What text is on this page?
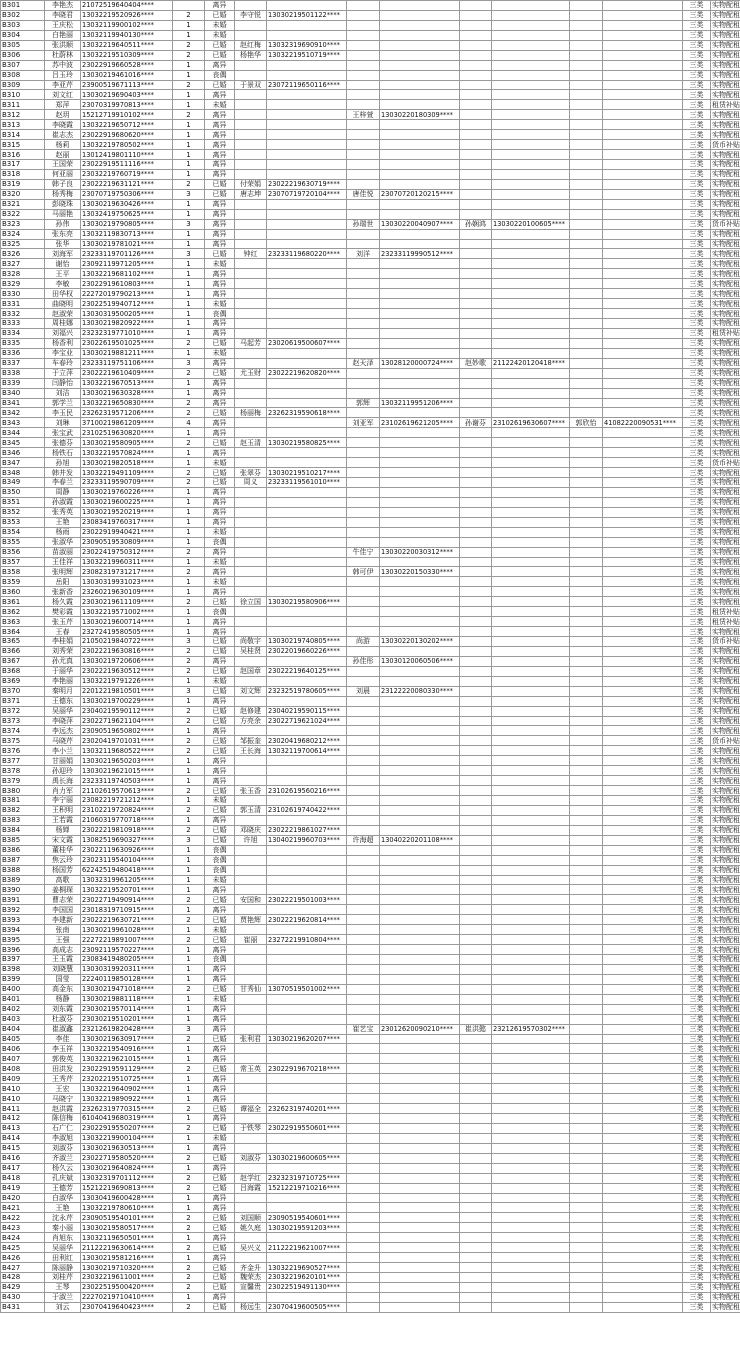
B301	李艳杰	21072519640404****		离异									三类	实物配租
B302	李晓君	13032219520926****	2	已婚	李守悦	13030219501122****							三类	实物配租
B303	王庆松	13032119900102****	1	未婚									三类	实物配租
B304	白艳丽	13032119940130****	1	未婚									三类	实物配租
B305	张洪顺	13032219640511****	2	已婚	赵红梅	13032319690910****							三类	实物配租
B306	杜蔚林	13032219510309****	2	已婚	杨艳华	13032219510719****							三类	实物配租
B307	苏中波	23022919660528****	1	离异									三类	实物配租
B308	吕玉玲	13030219461016****	1	丧偶									三类	实物配租
B309	李亚芹	23900519671113****	2	已婚	于景双	23072119650116****							三类	实物配租
B310	刘文红	13030219690403****	1	离异									三类	实物配租
B311	郑萍	23070319970813****	1	未婚									三类	租赁补贴
B312	赵玥	15212719910102****	2	离异			王梓萱	13030220180309****					三类	实物配租
B313	李晓霞	13032219650712****	1	离异									三类	实物配租
B314	崔志杰	23022919680620****	1	离异									三类	实物配租
B315	杨莉	13032219780502****	1	离异									三类	货币补贴
B316	赵丽	13012419801110****	1	离异									三类	实物配租
B317	王国荣	23022919511116****	1	离异									三类	实物配租
B318	何亚丽	23032219760719****	1	离异									三类	实物配租
B319	韩子良	23022219631121****	2	已婚	付荣娟	23022219630719****							三类	实物配租
B320	杨秀梅	23070719750306****	3	已婚	唐志坤	23070719720104****	唐佳悦	23070720120215****					三类	实物配租
B321	彭晓珠	13030219630426****	1	离异									三类	实物配租
B322	马丽艳	13032419750625****	1	离异									三类	实物配租
B323	孙伟	13030219790805****	3	离异			孙瑞世	13030220040907****	孙娴鸿	13030220100605****			三类	货币补贴
B324	张东亮	13032119830713****	1	离异									三类	实物配租
B325	张华	13030219781021****	1	离异									三类	实物配租
B326	刘海军	23233119701126****	3	已婚	钟红	23233119680220****	刘洋	23233119990512****					三类	实物配租
B327	谢怡	23092119971205****	1	未婚									三类	实物配租
B328	王平	13032219681102****	1	离异									三类	实物配租
B329	李敏	23022919610803****	1	离异									三类	实物配租
B330	田华权	22272019790213****	1	离异									三类	实物配租
B331	曲晓明	23022519940712****	1	未婚									三类	实物配租
B332	赵淑荣	13030319500205****	1	丧偶									三类	实物配租
B333	周桂娜	13030219820922****	1	离异									三类	实物配租
B334	刘福兴	23232319771010****	1	离异									三类	租赁补贴
B335	杨香利	23022619501025****	2	已婚	马起芳	23020619500607****							三类	实物配租
B336	李宝业	13030219881211****	1	未婚									三类	实物配租
B337	车春玲	23233119751106****	3	离异			赵天泽	13028120000724****	赵妙歌	21122420120418****			三类	实物配租
B338	于立萍	23022219610409****	2	已婚	尤玉财	23022219620820****							三类	实物配租
B339	闫静怡	13032219670513****	1	离异									三类	实物配租
B340	刘洁	13030219630328****	1	离异									三类	实物配租
B341	郭学兰	13032219650830****	2	离异			郭辉	13032119951206****					三类	实物配租
B342	李玉民	23262319571206****	2	已婚	杨丽梅	23262319590618****							三类	实物配租
B343	刘琳	37100219861209****	4	离异			刘亚军	23102619621205****	孙谢芬	23102619630607****	郭欣怡	41082220090531****	三类	实物配租
B344	张宝武	23102519630820****	1	离异									三类	实物配租
B345	张德芬	13030219580905****	2	已婚	赵玉清	13030219580825****							三类	实物配租
B346	杨铁石	13032219570824****	1	离异									三类	实物配租
B347	孙旭	13030219820518****	1	未婚									三类	货币补贴
B348	韩井发	13032219491109****	2	已婚	张翠芬	13030219510217****							三类	实物配租
B349	李春兰	23233119590709****	2	已婚	周义	23233119561010****							三类	实物配租
B350	周静	13030219760226****	1	离异									三类	实物配租
B351	孙淑霞	13030219600225****	1	离异									三类	实物配租
B352	张秀英	13030219520219****	1	离异									三类	实物配租
B353	王艳	23083419760317****	1	离异									三类	实物配租
B354	杨雨	23022919940421****	1	未婚									三类	实物配租
B355	张淑华	23090519530809****	1	丧偶									三类	实物配租
B356	苗淑丽	23022419750312****	2	离异			牛佳宁	13030220030312****					三类	实物配租
B357	王佳祥	13032219960311****	1	未婚									三类	实物配租
B358	张明辉	23082319731217****	2	离异			韩可伊	13030220150330****					三类	实物配租
B359	岳阳	13030319931023****	1	未婚									三类	实物配租
B360	张新香	23260219630109****	1	离异									三类	实物配租
B361	杨久霞	23030219611109****	2	已婚	徐立国	13030219580906****							三类	实物配租
B362	樊彩霞	13032219571002****	1	丧偶									三类	租赁补贴
B363	张玉芹	13030219600714****	1	离异									三类	租赁补贴
B364	王春	23272419580505****	1	离异									三类	实物配租
B365	李桂娟	21050219840722****	3	已婚	尚敬宇	13030219740805****	尚游	13030220130202****					三类	货币补贴
B366	刘秀荣	23022219630816****	2	已婚	吴桂贤	23022019660226****							三类	实物配租
B367	孙尤真	13030219720606****	2	离异			孙佳彤	13030120060506****					三类	实物配租
B368	于丽华	23022219630512****	2	已婚	赵国章	23022219640125****							三类	实物配租
B369	李艳丽	13032219791226****	1	未婚									三类	实物配租
B370	秦明月	22012219810501****	3	已婚	刘文辉	23232519780605****	刘晨	23122220080330****					三类	实物配租
B371	王德东	13030219700229****	1	离异									三类	实物配租
B372	吴丽华	23040219590112****	2	已婚	赵修建	23040219590115****							三类	实物配租
B373	李晓萍	23022719621104****	2	已婚	方亮余	23022719621024****							三类	实物配租
B374	李远杰	23090519650802****	1	离异									三类	实物配租
B375	马晓芹	23020419701031****	2	已婚	邹振奎	23020419680212****							三类	货币补贴
B376	李小兰	13032119680522****	2	已婚	王长海	13032119700614****							三类	实物配租
B377	甘丽娟	13030219650203****	1	离异									三类	实物配租
B378	孙迎玲	13030219621015****	1	离异									三类	实物配租
B379	禹长海	23233119740503****	1	离异									三类	实物配租
B380	肖力军	21102619570613****	2	已婚	张玉香	23102619560216****							三类	实物配租
B381	李宁丽	23082219721212****	1	未婚									三类	实物配租
B382	王积明	23102219720824****	2	已婚	郭玉清	23102619740422****							三类	实物配租
B383	王若霞	21060319770718****	1	离异									三类	实物配租
B384	杨婵	23022219810918****	2	已婚	邓晓庆	23022219861027****							三类	实物配租
B385	宋文霞	13082519690327****	3	已婚	许旭	13040219960703****	许海超	13040220201108****					三类	实物配租
B386	董桂华	23022119630926****	1	丧偶									三类	实物配租
B387	焦云玲	23023119540104****	1	丧偶									三类	实物配租
B388	杨国芳	62242519480418****	1	丧偶									三类	实物配租
B389	高歌	13032319961205****	1	未婚									三类	实物配租
B390	姜桐琛	13032219520701****	1	离异									三类	实物配租
B391	曹志荣	23022719490914****	2	已婚	安国和	23022219501003****							三类	实物配租
B392	李国国	23018319710915****	1	离异									三类	实物配租
B393	李建新	23022219630721****	2	已婚	贾艳辉	23022219620814****							三类	实物配租
B394	张南	13030219961028****	1	未婚									三类	实物配租
B395	王强	22272219891007****	2	已婚	崔丽	23272219910804****							三类	实物配租
B396	高成志	23092119570227****	1	离异									三类	实物配租
B397	王玉霞	23083419480205****	1	丧偶									三类	实物配租
B398	刘晓慧	13030319920311****	1	离异									三类	实物配租
B399	国莹	22240119850128****	1	离异									三类	实物配租
B400	高金东	13030219471018****	2	已婚	甘秀仙	13070519501002****							三类	实物配租
B401	杨静	13030219881118****	1	未婚									三类	实物配租
B402	刘东霞	23030219570114****	1	离异									三类	实物配租
B403	杜淑芬	23030219510201****	1	离异									三类	实物配租
B404	崔淑鑫	23212619820428****	3	离异			崔艺宝	23012620090210****	崔洪懿	23212619570302****			三类	实物配租
B405	李佳	13030219630917****	2	已婚	张利君	13030219620207****							三类	实物配租
B406	李玉祥	13032219540916****	1	离异									三类	实物配租
B407	郭俊英	13032219621015****	1	离异									三类	实物配租
B408	田洪发	23022919591129****	2	已婚	常玉英	23022919670218****							三类	实物配租
B409	王秀芹	23202219510725****	1	离异									三类	实物配租
B410	王宏	13032219640902****	1	离异									三类	实物配租
B410	马晓宁	13032219890922****	1	离异									三类	实物配租
B411	赵洪霞	23262319770315****	2	已婚	谭福全	23262319740201****							三类	实物配租
B412	陈信梅	61040419680319****	1	离异									三类	实物配租
B413	石广仁	23022919550207****	2	已婚	于铁琴	23022919550601****							三类	实物配租
B414	李淑旭	13032219900104****	1	未婚									三类	实物配租
B415	刘淑芬	13030219630513****	1	离异									三类	实物配租
B416	齐淑兰	23022719580520****	2	已婚	刘淑芬	13030219600605****							三类	实物配租
B417	杨久云	13030219640824****	1	离异									三类	实物配租
B418	孔庆斌	13032319701112****	2	已婚	赵学红	23232319710725****							三类	实物配租
B419	王德芳	15212219690813****	2	已婚	吕海霞	15212219710216****							三类	实物配租
B420	白淑华	13030419600428****	1	离异									三类	实物配租
B421	王艳	13032219780610****	1	离异									三类	实物配租
B422	沈永芹	23090519540101****	2	已婚	刘国顺	23090519540601****							三类	实物配租
B423	秦小丽	13030219580517****	2	已婚	姚久庭	13030219591203****							三类	实物配租
B424	肖旭东	13032119650501****	1	离异									三类	实物配租
B425	吴丽华	21122219630614****	2	已婚	吴兴义	21122219621007****							三类	实物配租
B426	田利红	13030219581216****	1	离异									三类	实物配租
B427	陈丽静	13030219710320****	2	已婚	齐金升	13032219690527****							三类	实物配租
B428	刘桂芹	23032219611001****	2	已婚	魏荣杰	23032219620101****							三类	实物配租
B429	王琴	23022519500420****	2	已婚	宣馨贵	23022519491130****							三类	实物配租
B430	于淑兰	22270219710410****	1	离异									三类	实物配租
B431	刘云	23070419640423****	2	已婚	杨远生	23070419600505****							三类	实物配租
